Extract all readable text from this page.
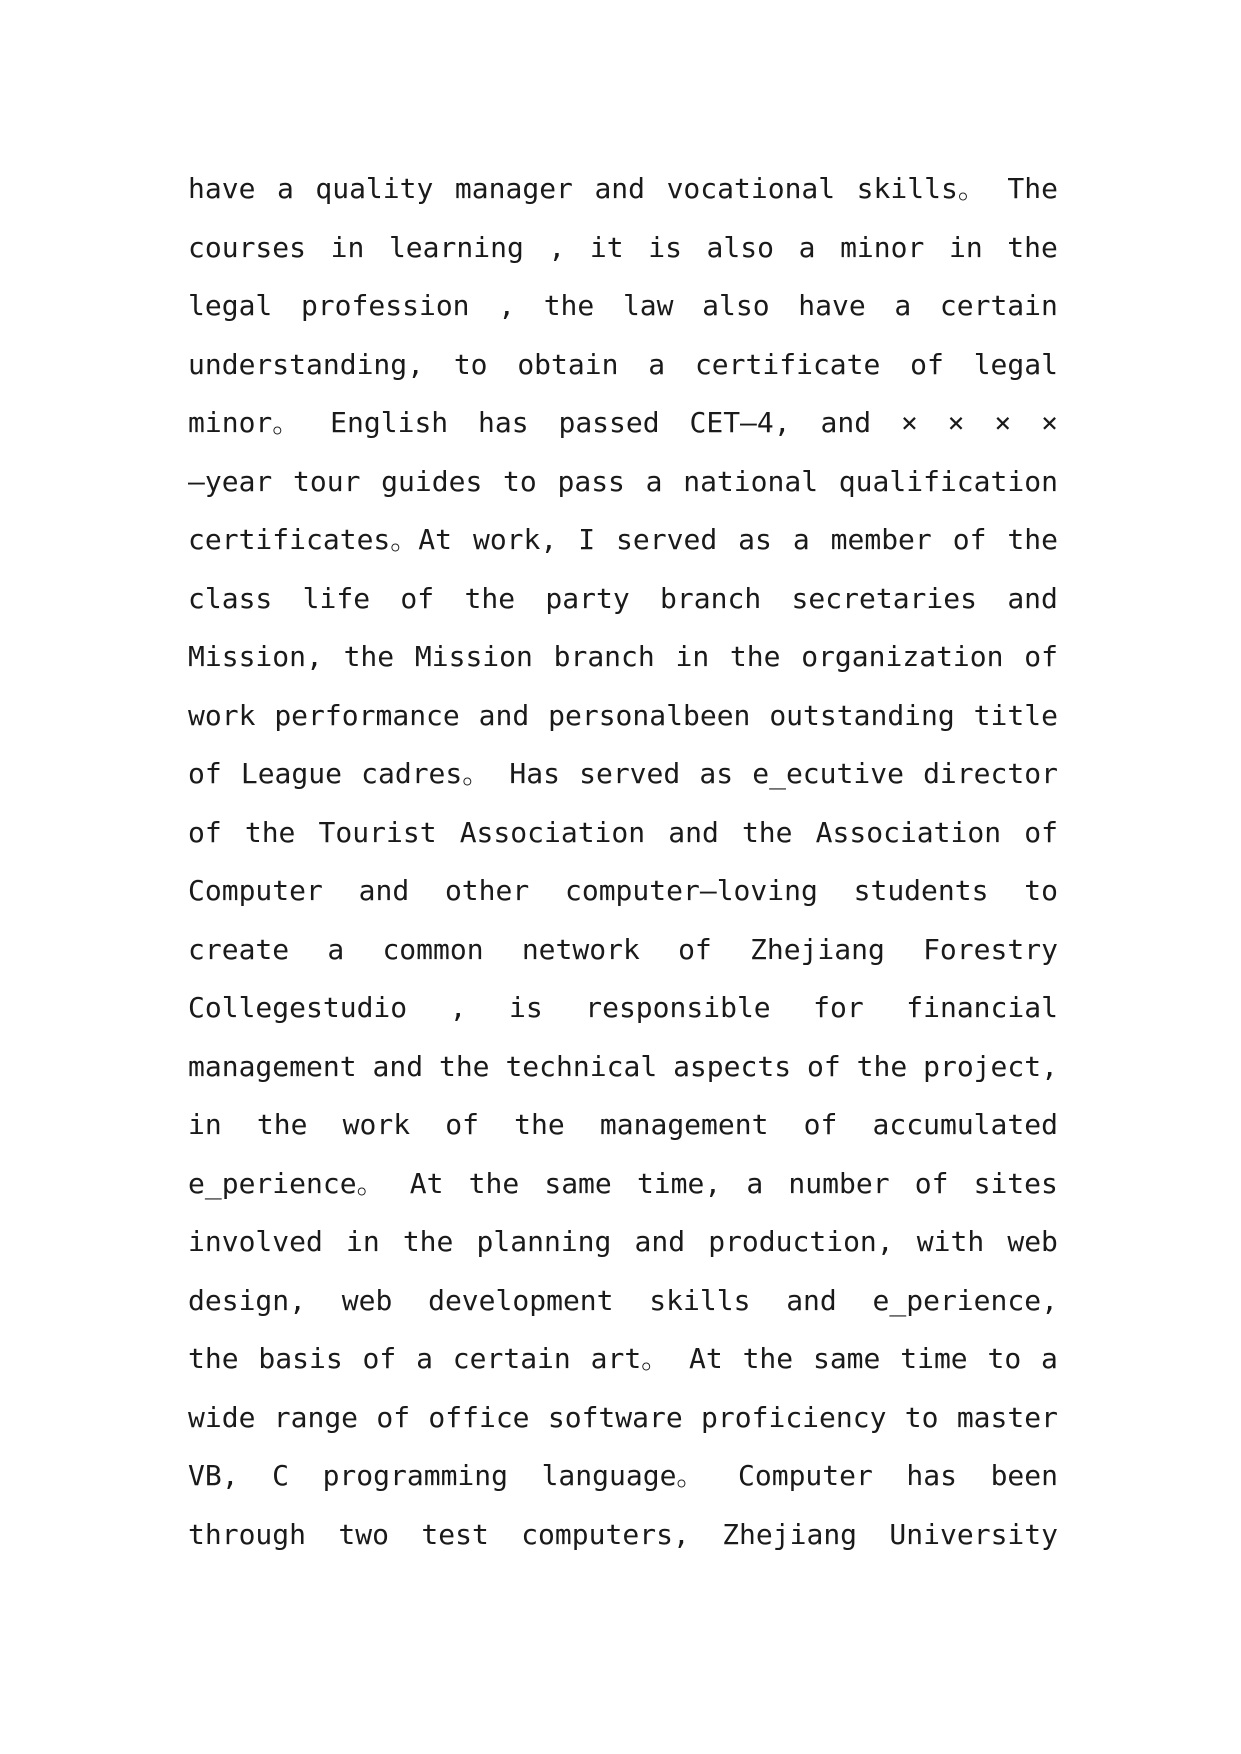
have a quality manager and vocational skills。 The
courses in learning , it is also a minor in the
legal profession , the law also have a certain
understanding, to obtain a certificate of legal
minor。 English has passed CET—4, and × × × ×
—year tour guides to pass a national qualification
certificates。At work, I served as a member of the
class life of the party branch secretaries and
Mission, the Mission branch in the organization of
work performance and personalbeen outstanding title
of League cadres。 Has served as e_ecutive director
of the Tourist Association and the Association of
Computer and other computer—loving students to
create a common network of Zhejiang Forestry
Collegestudio , is responsible for financial
management and the technical aspects of the project,
in the work of the management of accumulated
e_perience。 At the same time, a number of sites
involved in the planning and production, with web
design, web development skills and e_perience,
the basis of a certain art。 At the same time to a
wide range of office software proficiency to master
VB, C programming language。 Computer has been
through two test computers, Zhejiang University
